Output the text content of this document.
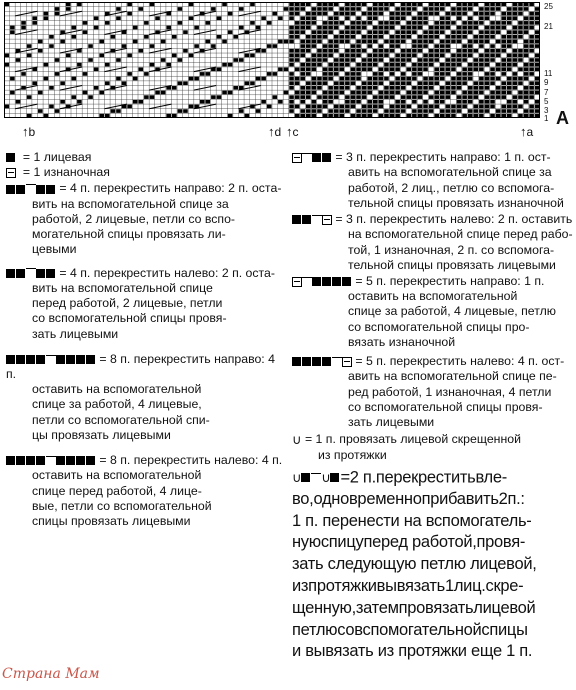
25
21
11
9
7
5
3
1 A
↑b	↑d ↑c	↑a
= 1 лицевая
= 1 изнаночная
= 4 п. перекрестить направо: 2 п. остa-
вить на вспомогательной спице за
работой, 2 лицевые, петли со вспо-
могательной спицы провязать ли-
цевыми
= 4 п. перекрестить налево: 2 п. оста-
вить на вспомогательной спице
перед работой, 2 лицевые, петли
со вспомогательной спицы провя-
зать лицевыми
= 8 п. перекрестить направо: 4 п.
оставить на вспомогательной
спице за работой, 4 лицевые,
петли со вспомогательной спи-
цы провязать лицевыми
= 8 п. перекрестить налево: 4 п.
оставить на вспомогательной
спице перед работой, 4 лице-
вые, петли со вспомогательной
спицы провязать лицевыми
= 3 п. перекрестить направо: 1 п. ост-
авить на вспомогательной спице за
работой, 2 лиц., петлю со вспомога-
тельной спицы провязать изнаночной
= 3 п. перекрестить налево: 2 п. оставить
на вспомогательной спице перед рабо-
той, 1 изнаночная, 2 п. со вспомога-
тельной спицы провязать лицевыми
= 5 п. перекрестить направо: 1 п.
оставить на вспомогательной
спице за работой, 4 лицевые, петлю
со вспомогательной спицы про-
вязать изнаночной
= 5 п. перекрестить налево: 4 п. ост-
авить на вспомогательной спице пе-
ред работой, 1 изнаночная, 4 петли
со вспомогательной спицы провя-
зать лицевыми
∪ = 1 п. провязать лицевой скрещенной
из протяжки
∪ ∪ =2 п.перекреститьвле-
во,одновременноприбавить2п.:
1 п. перенести на вспомогатель-
нуюспицуперед работой,провя-
зать следующую петлю лицевой,
изпротяжкивывязать1лиц.скре-
щенную,затемпровязатьлицевой
петлюсовспомогательнойспицы
и вывязать из протяжки еще 1 п.
Страна Мам
